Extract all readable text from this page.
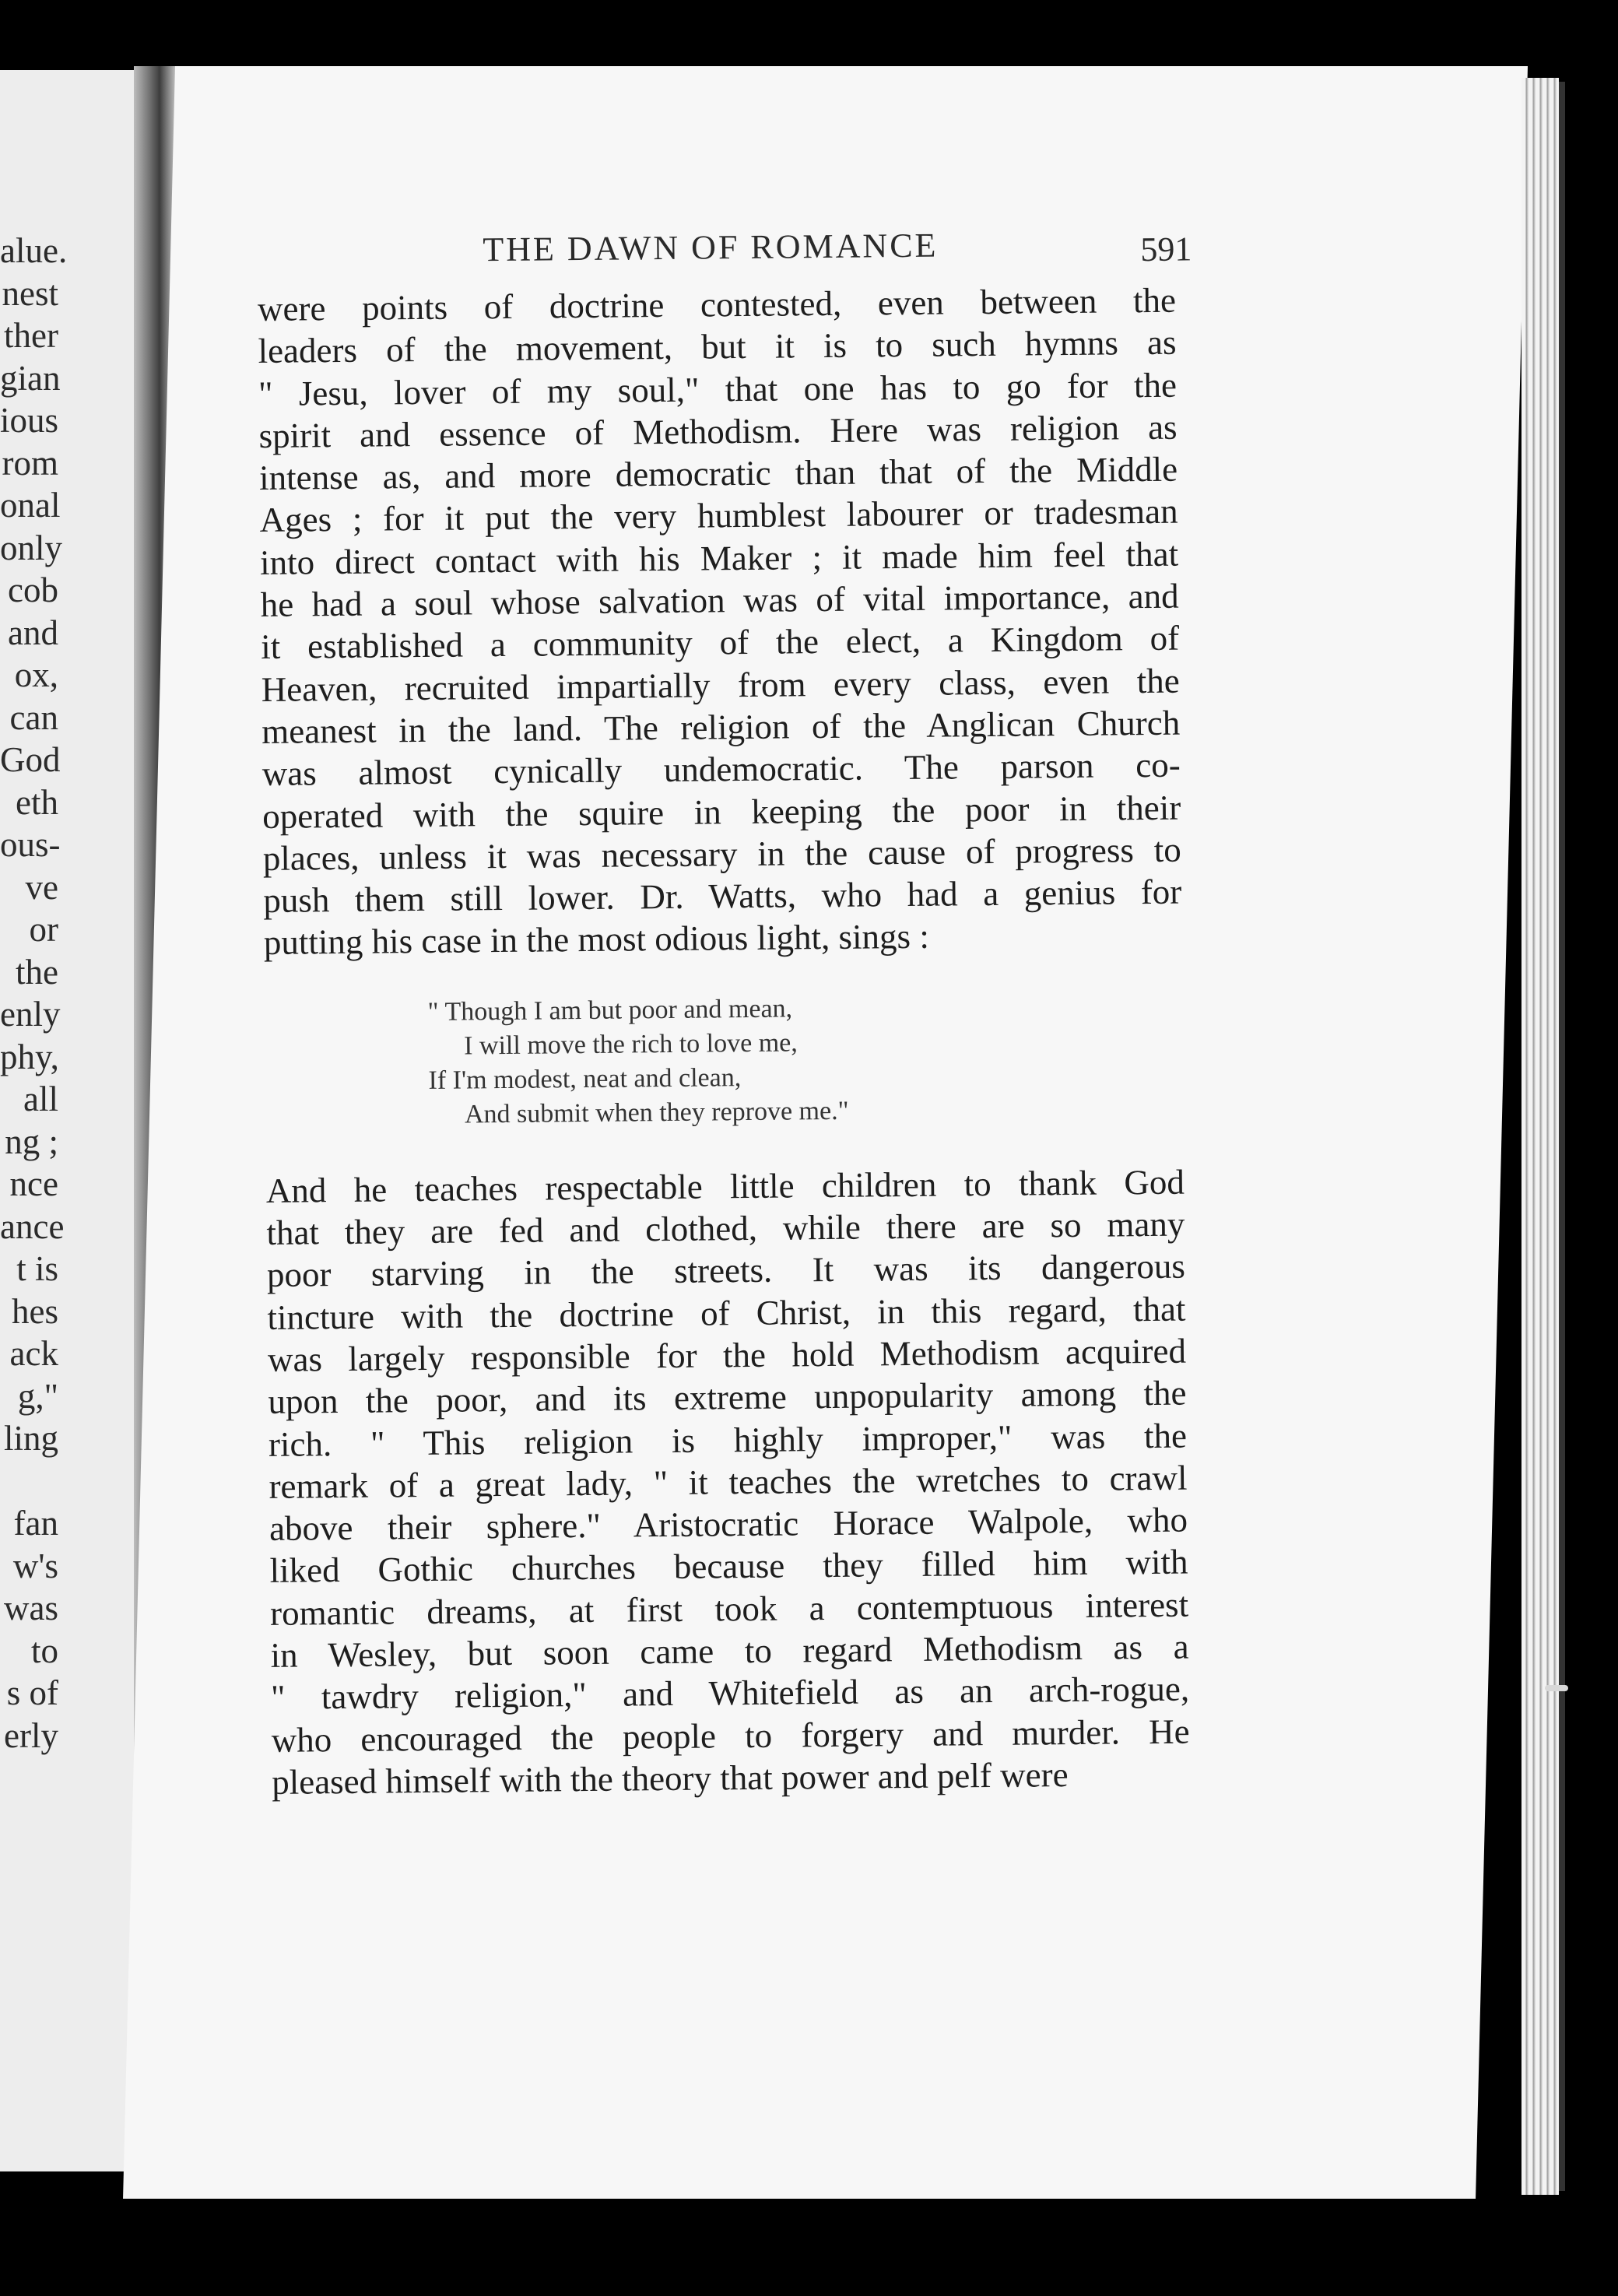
alue.
nest
ther
gian
ious
rom
onal
only
cob
and
ox,
can
God
eth
ous-
ve
or
the
enly
phy,
all
ng ;
nce
ance
t is
hes
ack
g,"
ling
fan
w's
was
to
s of
erly
THE DAWN OF ROMANCE	591
were points of doctrine contested, even between the
leaders of the movement, but it is to such hymns as
" Jesu, lover of my soul," that one has to go for the
spirit and essence of Methodism. Here was religion as
intense as, and more democratic than that of the Middle
Ages ; for it put the very humblest labourer or tradesman
into direct contact with his Maker ; it made him feel that
he had a soul whose salvation was of vital importance, and
it established a community of the elect, a Kingdom of
Heaven, recruited impartially from every class, even the
meanest in the land. The religion of the Anglican Church
was almost cynically undemocratic. The parson co-
operated with the squire in keeping the poor in their
places, unless it was necessary in the cause of progress to
push them still lower. Dr. Watts, who had a genius for
putting his case in the most odious light, sings :
" Though I am but poor and mean,
I will move the rich to love me,
If I'm modest, neat and clean,
And submit when they reprove me."
And he teaches respectable little children to thank God
that they are fed and clothed, while there are so many
poor starving in the streets. It was its dangerous
tincture with the doctrine of Christ, in this regard, that
was largely responsible for the hold Methodism acquired
upon the poor, and its extreme unpopularity among the
rich. " This religion is highly improper," was the
remark of a great lady, " it teaches the wretches to crawl
above their sphere." Aristocratic Horace Walpole, who
liked Gothic churches because they filled him with
romantic dreams, at first took a contemptuous interest
in Wesley, but soon came to regard Methodism as a
" tawdry religion," and Whitefield as an arch-rogue,
who encouraged the people to forgery and murder. He
pleased himself with the theory that power and pelf were
